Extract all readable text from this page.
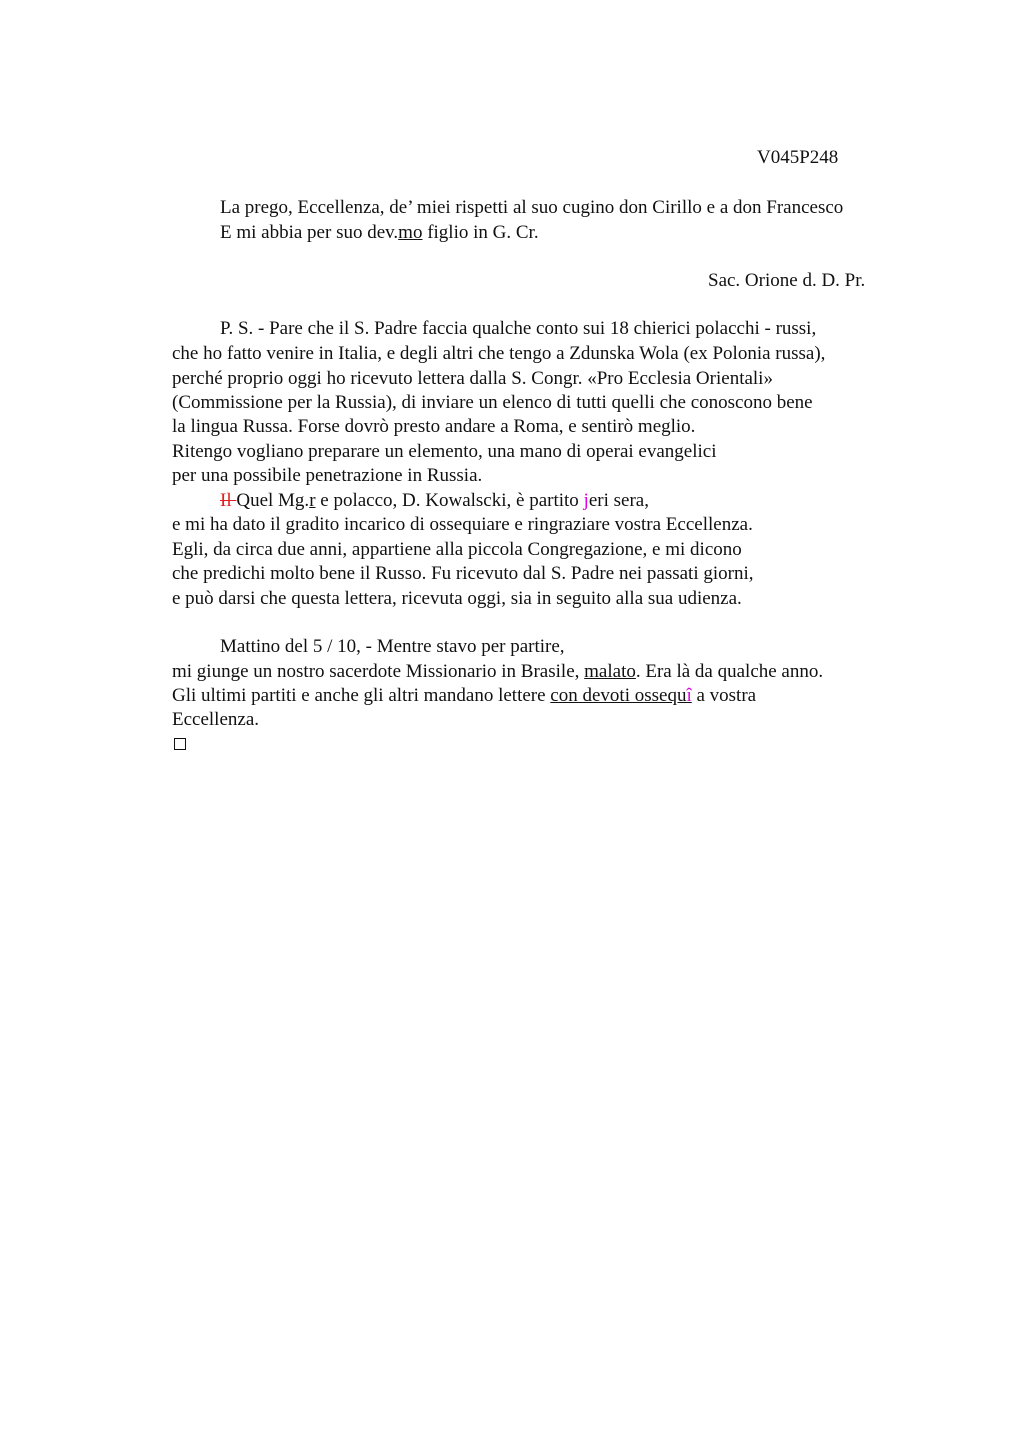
V045P248
La prego, Eccellenza, de’ miei rispetti al suo cugino don Cirillo e a don Francesco
E mi abbia per suo dev.mo figlio in G. Cr.
Sac. Orione d. D. Pr.
P. S. - Pare che il S. Padre faccia qualche conto sui 18 chierici polacchi - russi,
che ho fatto venire in Italia, e degli altri che tengo a Zdunska Wola (ex Polonia russa),
perché proprio oggi ho ricevuto lettera dalla S. Congr. «Pro Ecclesia Orientali»
(Commissione per la Russia), di inviare un elenco di tutti quelli che conoscono bene
la lingua Russa. Forse dovrò presto andare a Roma, e sentirò meglio.
Ritengo vogliano preparare un elemento, una mano di operai evangelici
per una possibile penetrazione in Russia.
Il Quel Mg.r e polacco, D. Kowalscki, è partito jeri sera,
e mi ha dato il gradito incarico di ossequiare e ringraziare vostra Eccellenza.
Egli, da circa due anni, appartiene alla piccola Congregazione, e mi dicono
che predichi molto bene il Russo. Fu ricevuto dal S. Padre nei passati giorni,
e può darsi che questa lettera, ricevuta oggi, sia in seguito alla sua udienza.
Mattino del 5 / 10, - Mentre stavo per partire,
mi giunge un nostro sacerdote Missionario in Brasile, malato. Era là da qualche anno.
Gli ultimi partiti e anche gli altri mandano lettere con devoti ossequî a vostra
Eccellenza.
